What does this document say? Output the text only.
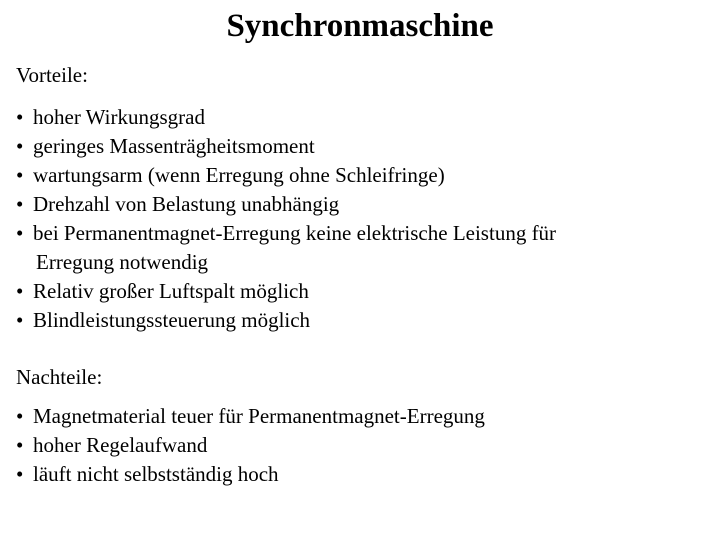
Synchronmaschine
Vorteile:
• hoher Wirkungsgrad
• geringes Massenträgheitsmoment
• wartungsarm (wenn Erregung ohne Schleifringe)
• Drehzahl von Belastung unabhängig
• bei Permanentmagnet-Erregung keine elektrische Leistung für
Erregung notwendig
• Relativ großer Luftspalt möglich
• Blindleistungssteuerung möglich
Nachteile:
• Magnetmaterial teuer für Permanentmagnet-Erregung
• hoher Regelaufwand
• läuft nicht selbstständig hoch
